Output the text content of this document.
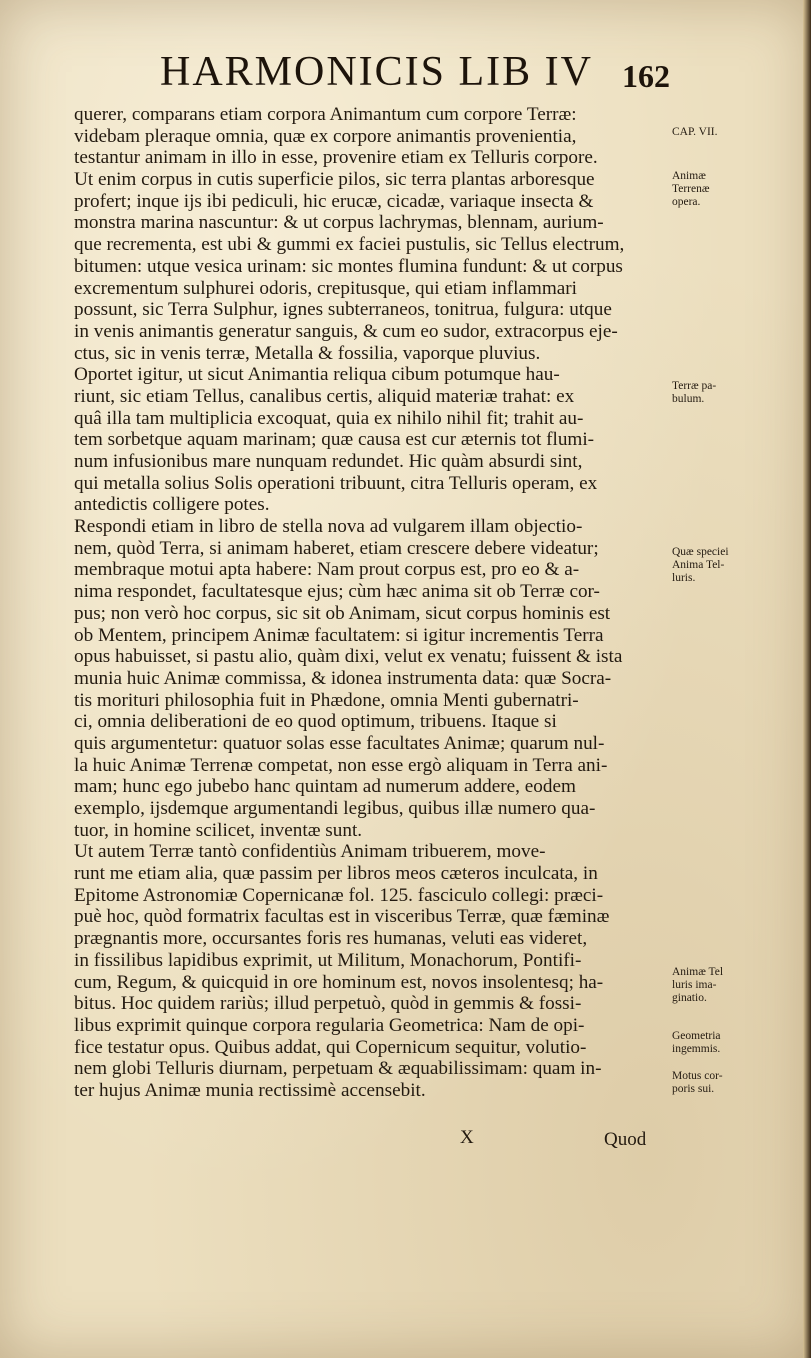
HARMONICIS LIB IV 162
querer, comparans etiam corpora Animantum cum corpore Terræ:
videbam pleraque omnia, quæ ex corpore animantis provenientia,
testantur animam in illo in esse, provenire etiam ex Telluris corpore.
Ut enim corpus in cutis superficie pilos, sic terra plantas arboresque
profert; inque ijs ibi pediculi, hic erucæ, cicadæ, variaque insecta &
monstra marina nascuntur: & ut corpus lachrymas, blennam, aurium-
que recrementa, est ubi & gummi ex faciei pustulis, sic Tellus electrum,
bitumen: utque vesica urinam: sic montes flumina fundunt: & ut corpus
excrementum sulphurei odoris, crepitusque, qui etiam inflammari
possunt, sic Terra Sulphur, ignes subterraneos, tonitrua, fulgura: utque
in venis animantis generatur sanguis, & cum eo sudor, extracorpus eje-
ctus, sic in venis terræ, Metalla & fossilia, vaporque pluvius.
Oportet igitur, ut sicut Animantia reliqua cibum potumque hau-
riunt, sic etiam Tellus, canalibus certis, aliquid materiæ trahat: ex
quâ illa tam multiplicia excoquat, quia ex nihilo nihil fit; trahit au-
tem sorbetque aquam marinam; quæ causa est cur æternis tot flumi-
num infusionibus mare nunquam redundet. Hic quàm absurdi sint,
qui metalla solius Solis operationi tribuunt, citra Telluris operam, ex
antedictis colligere potes.
Respondi etiam in libro de stella nova ad vulgarem illam objectio-
nem, quòd Terra, si animam haberet, etiam crescere debere videatur;
membraque motui apta habere: Nam prout corpus est, pro eo & a-
nima respondet, facultatesque ejus; cùm hæc anima sit ob Terræ cor-
pus; non verò hoc corpus, sic sit ob Animam, sicut corpus hominis est
ob Mentem, principem Animæ facultatem: si igitur incrementis Terra
opus habuisset, si pastu alio, quàm dixi, velut ex venatu; fuissent & ista
munia huic Animæ commissa, & idonea instrumenta data: quæ Socra-
tis morituri philosophia fuit in Phædone, omnia Menti gubernatri-
ci, omnia deliberationi de eo quod optimum, tribuens. Itaque si
quis argumentetur: quatuor solas esse facultates Animæ; quarum nul-
la huic Animæ Terrenæ competat, non esse ergò aliquam in Terra ani-
mam; hunc ego jubebo hanc quintam ad numerum addere, eodem
exemplo, ijsdemque argumentandi legibus, quibus illæ numero qua-
tuor, in homine scilicet, inventæ sunt.
Ut autem Terræ tantò confidentiùs Animam tribuerem, move-
runt me etiam alia, quæ passim per libros meos cæteros inculcata, in
Epitome Astronomiæ Copernicanæ fol. 125. fasciculo collegi: præci-
puè hoc, quòd formatrix facultas est in visceribus Terræ, quæ fæminæ
prægnantis more, occursantes foris res humanas, veluti eas videret,
in fissilibus lapidibus exprimit, ut Militum, Monachorum, Pontifi-
cum, Regum, & quicquid in ore hominum est, novos insolentesq; ha-
bitus. Hoc quidem rariùs; illud perpetuò, quòd in gemmis & fossi-
libus exprimit quinque corpora regularia Geometrica: Nam de opi-
fice testatur opus. Quibus addat, qui Copernicum sequitur, volutio-
nem globi Telluris diurnam, perpetuam & æquabilissimam: quam in-
ter hujus Animæ munia rectissimè accensebit.
CAP. VII.
Animæ
Terrenæ
opera.
Terræ pa-
bulum.
Quæ speciei
Anima Tel-
luris.
Animæ Tel
luris ima-
ginatio.
Geometria
ingemmis.
Motus cor-
poris sui.
X	Quod
